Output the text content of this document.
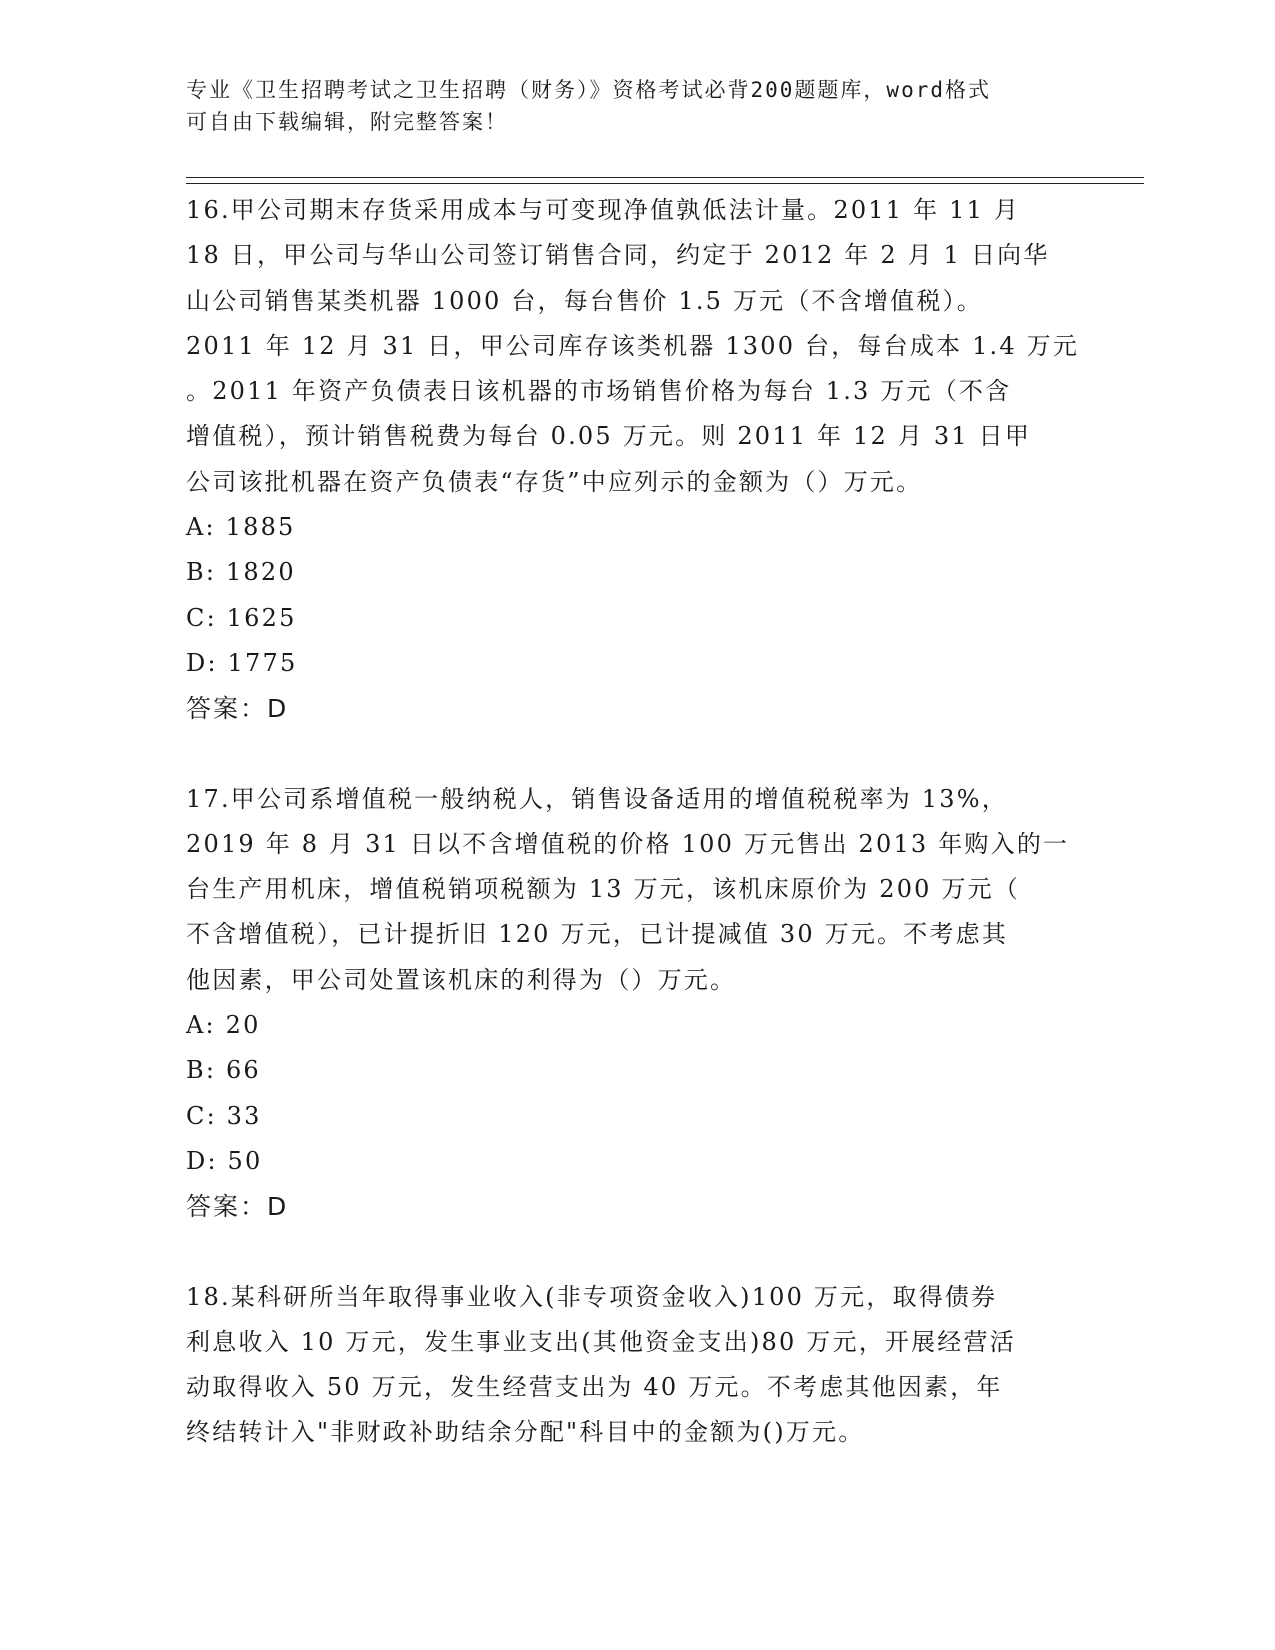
专业《卫生招聘考试之卫生招聘（财务）》资格考试必背200题题库，word格式
可自由下载编辑，附完整答案！
16.甲公司期末存货采用成本与可变现净值孰低法计量。2011 年 11 月
18 日，甲公司与华山公司签订销售合同，约定于 2012 年 2 月 1 日向华
山公司销售某类机器 1000 台，每台售价 1.5 万元（不含增值税）。
2011 年 12 月 31 日，甲公司库存该类机器 1300 台，每台成本 1.4 万元
。2011 年资产负债表日该机器的市场销售价格为每台 1.3 万元（不含
增值税），预计销售税费为每台 0.05 万元。则 2011 年 12 月 31 日甲
公司该批机器在资产负债表“存货”中应列示的金额为（）万元。
A: 1885
B: 1820
C: 1625
D: 1775
答案：D
17.甲公司系增值税一般纳税人，销售设备适用的增值税税率为 13%，
2019 年 8 月 31 日以不含增值税的价格 100 万元售出 2013 年购入的一
台生产用机床，增值税销项税额为 13 万元，该机床原价为 200 万元（
不含增值税），已计提折旧 120 万元，已计提减值 30 万元。不考虑其
他因素，甲公司处置该机床的利得为（）万元。
A: 20
B: 66
C: 33
D: 50
答案：D
18.某科研所当年取得事业收入(非专项资金收入)100 万元，取得债券
利息收入 10 万元，发生事业支出(其他资金支出)80 万元，开展经营活
动取得收入 50 万元，发生经营支出为 40 万元。不考虑其他因素，年
终结转计入"非财政补助结余分配"科目中的金额为()万元。
